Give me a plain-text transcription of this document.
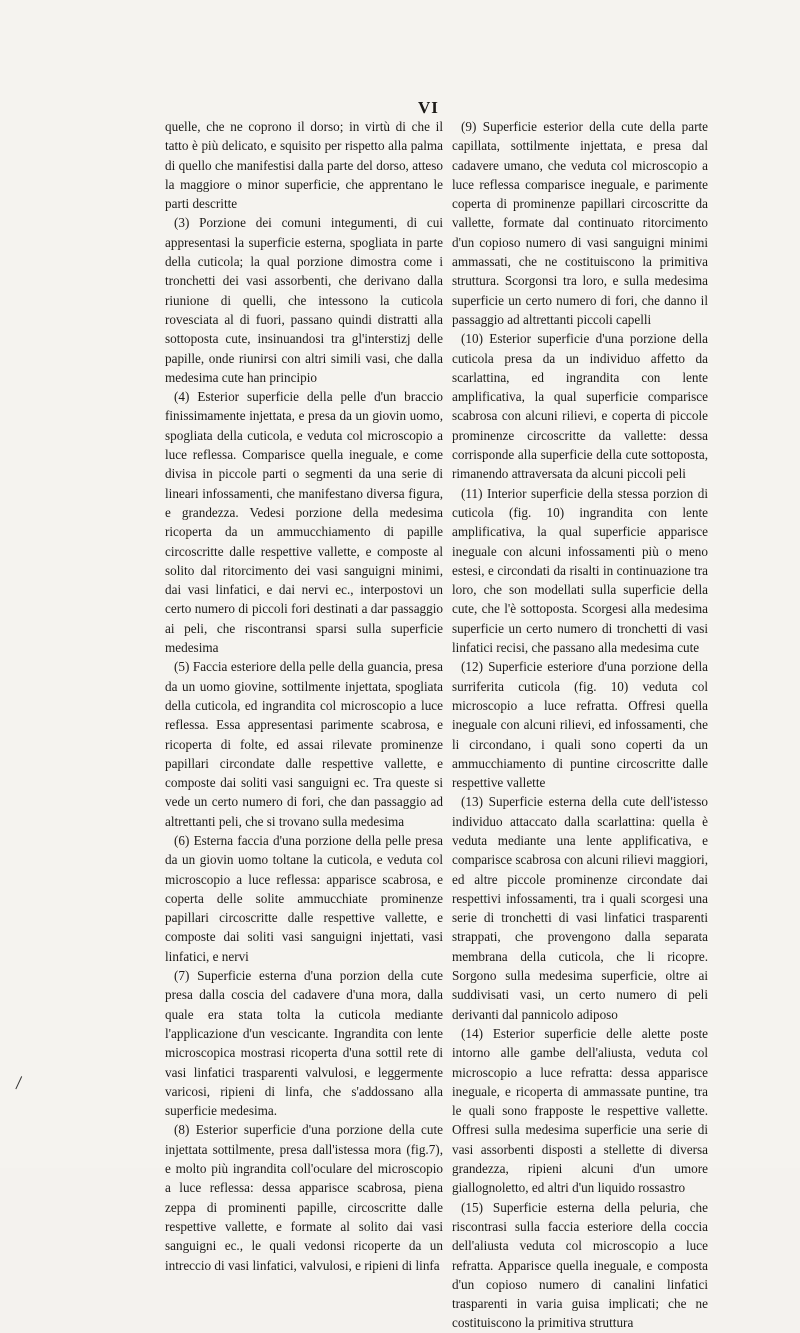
VI

quelle, che ne coprono il dorso; in virtù di che il tatto è più delicato, e squisito per rispetto alla palma di quello che manifestisi dalla parte del dorso, atteso la maggiore o minor superficie, che apprentano le parti descritte

(3) Porzione dei comuni integumenti, di cui appresentasi la superficie esterna, spogliata in parte della cuticola; la qual porzione dimostra come i tronchetti dei vasi assorbenti, che derivano dalla riunione di quelli, che intessono la cuticola rovesciata al di fuori, passano quindi distratti alla sottoposta cute, insinuandosi tra gl'interstizj delle papille, onde riunirsi con altri simili vasi, che dalla medesima cute han principio

(4) Esterior superficie della pelle d'un braccio finissimamente injettata, e presa da un giovin uomo, spogliata della cuticola, e veduta col microscopio a luce reflessa. Comparisce quella ineguale, e come divisa in piccole parti o segmenti da una serie di lineari infossamenti, che manifestano diversa figura, e grandezza. Vedesi porzione della medesima ricoperta da un ammucchiamento di papille circoscritte dalle respettive vallette, e composte al solito dal ritorcimento dei vasi sanguigni minimi, dai vasi linfatici, e dai nervi ec., interpostovi un certo numero di piccoli fori destinati a dar passaggio ai peli, che riscontransi sparsi sulla superficie medesima

(5) Faccia esteriore della pelle della guancia, presa da un uomo giovine, sottilmente injettata, spogliata della cuticola, ed ingrandita col microscopio a luce reflessa. Essa appresentasi parimente scabrosa, e ricoperta di folte, ed assai rilevate prominenze papillari circondate dalle respettive vallette, e composte dai soliti vasi sanguigni ec. Tra queste si vede un certo numero di fori, che dan passaggio ad altrettanti peli, che si trovano sulla medesima

(6) Esterna faccia d'una porzione della pelle presa da un giovin uomo toltane la cuticola, e veduta col microscopio a luce reflessa: apparisce scabrosa, e coperta delle solite ammucchiate prominenze papillari circoscritte dalle respettive vallette, e composte dai soliti vasi sanguigni injettati, vasi linfatici, e nervi

(7) Superficie esterna d'una porzion della cute presa dalla coscia del cadavere d'una mora, dalla quale era stata tolta la cuticola mediante l'applicazione d'un vescicante. Ingrandita con lente microscopica mostrasi ricoperta d'una sottil rete di vasi linfatici trasparenti valvulosi, e leggermente varicosi, ripieni di linfa, che s'addossano alla superficie medesima.

(8) Esterior superficie d'una porzione della cute injettata sottilmente, presa dall'istessa mora (fig.7), e molto più ingrandita coll'oculare del microscopio a luce reflessa: dessa apparisce scabrosa, piena zeppa di prominenti papille, circoscritte dalle respettive vallette, e formate al solito dai vasi sanguigni ec., le quali vedonsi ricoperte da un intreccio di vasi linfatici, valvulosi, e ripieni di linfa

(9) Superficie esterior della cute della parte capillata, sottilmente injettata, e presa dal cadavere umano, che veduta col microscopio a luce reflessa comparisce ineguale, e parimente coperta di prominenze papillari circoscritte da vallette, formate dal continuato ritorcimento d'un copioso numero di vasi sanguigni minimi ammassati, che ne costituiscono la primitiva struttura. Scorgonsi tra loro, e sulla medesima superficie un certo numero di fori, che danno il passaggio ad altrettanti piccoli capelli

(10) Esterior superficie d'una porzione della cuticola presa da un individuo affetto da scarlattina, ed ingrandita con lente amplificativa, la qual superficie comparisce scabrosa con alcuni rilievi, e coperta di piccole prominenze circoscritte da vallette: dessa corrisponde alla superficie della cute sottoposta, rimanendo attraversata da alcuni piccoli peli

(11) Interior superficie della stessa porzion di cuticola (fig. 10) ingrandita con lente amplificativa, la qual superficie apparisce ineguale con alcuni infossamenti più o meno estesi, e circondati da risalti in continuazione tra loro, che son modellati sulla superficie della cute, che l'è sottoposta. Scorgesi alla medesima superficie un certo numero di tronchetti di vasi linfatici recisi, che passano alla medesima cute

(12) Superficie esteriore d'una porzione della surriferita cuticola (fig. 10) veduta col microscopio a luce refratta. Offresi quella ineguale con alcuni rilievi, ed infossamenti, che li circondano, i quali sono coperti da un ammucchiamento di puntine circoscritte dalle respettive vallette

(13) Superficie esterna della cute dell'istesso individuo attaccato dalla scarlattina: quella è veduta mediante una lente applificativa, e comparisce scabrosa con alcuni rilievi maggiori, ed altre piccole prominenze circondate dai respettivi infossamenti, tra i quali scorgesi una serie di tronchetti di vasi linfatici trasparenti strappati, che provengono dalla separata membrana della cuticola, che li ricopre. Sorgono sulla medesima superficie, oltre ai suddivisati vasi, un certo numero di peli derivanti dal pannicolo adiposo

(14) Esterior superficie delle alette poste intorno alle gambe dell'aliusta, veduta col microscopio a luce refratta: dessa apparisce ineguale, e ricoperta di ammassate puntine, tra le quali sono frapposte le respettive vallette. Offresi sulla medesima superficie una serie di vasi assorbenti disposti a stellette di diversa grandezza, ripieni alcuni d'un umore giallognoletto, ed altri d'un liquido rossastro

(15) Superficie esterna della peluria, che riscontrasi sulla faccia esteriore della coccia dell'aliusta veduta col microscopio a luce refratta. Apparisce quella ineguale, e composta d'un copioso numero di canalini linfatici trasparenti in varia guisa implicati; che ne costituiscono la primitiva struttura
